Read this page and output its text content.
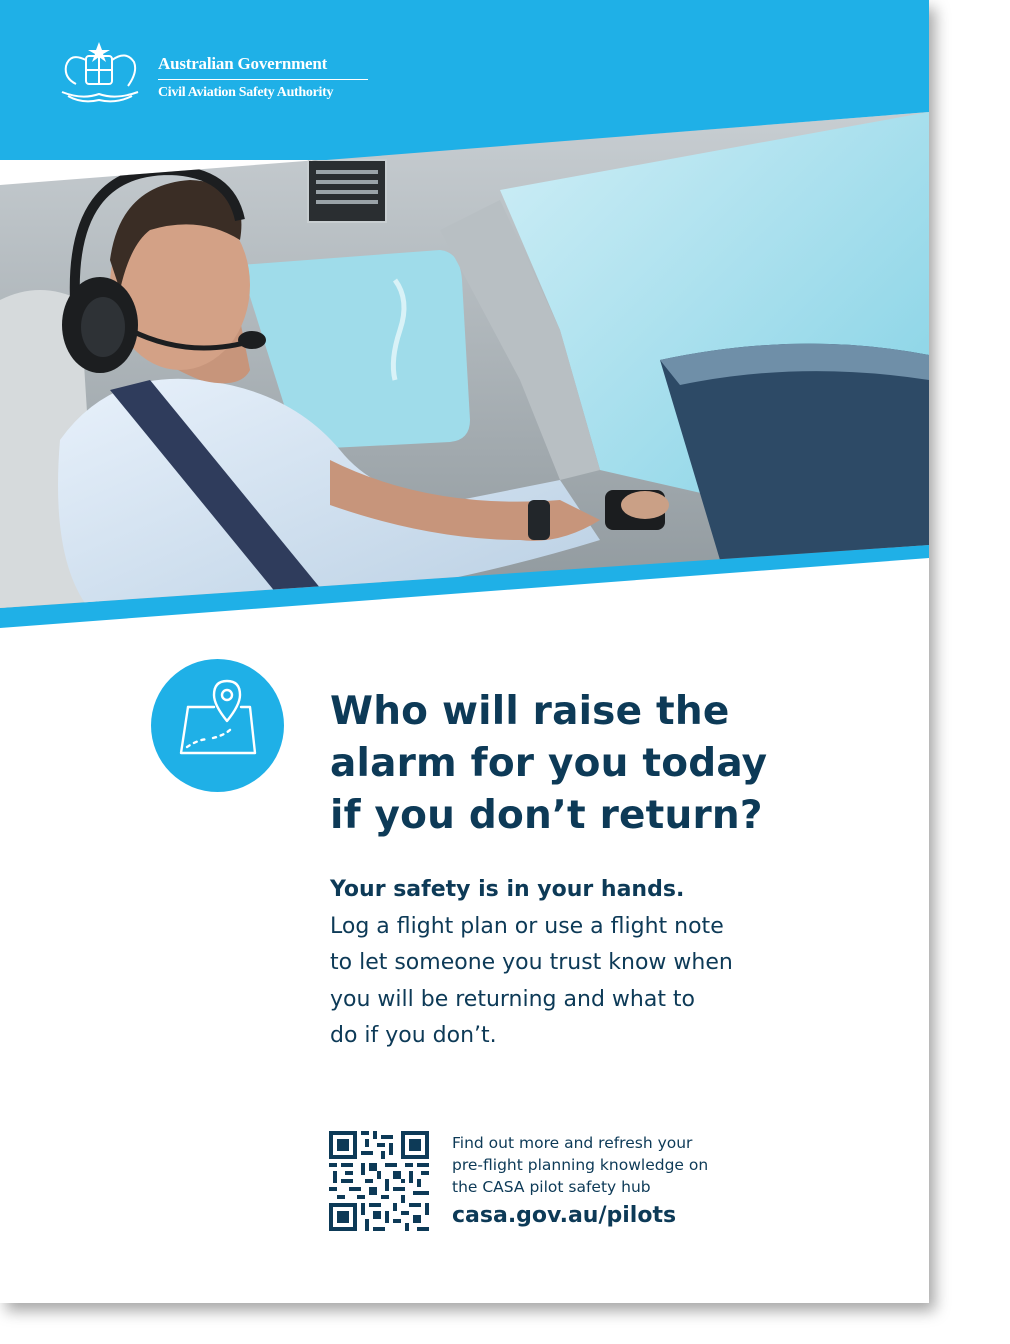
Australian Government
Civil Aviation Safety Authority
Who will raise the
alarm for you today
if you don’t return?
Your safety is in your hands.
Log a flight plan or use a flight note
to let someone you trust know when
you will be returning and what to
do if you don’t.
Find out more and refresh your
pre-flight planning knowledge on
the CASA pilot safety hub
casa.gov.au/pilots
